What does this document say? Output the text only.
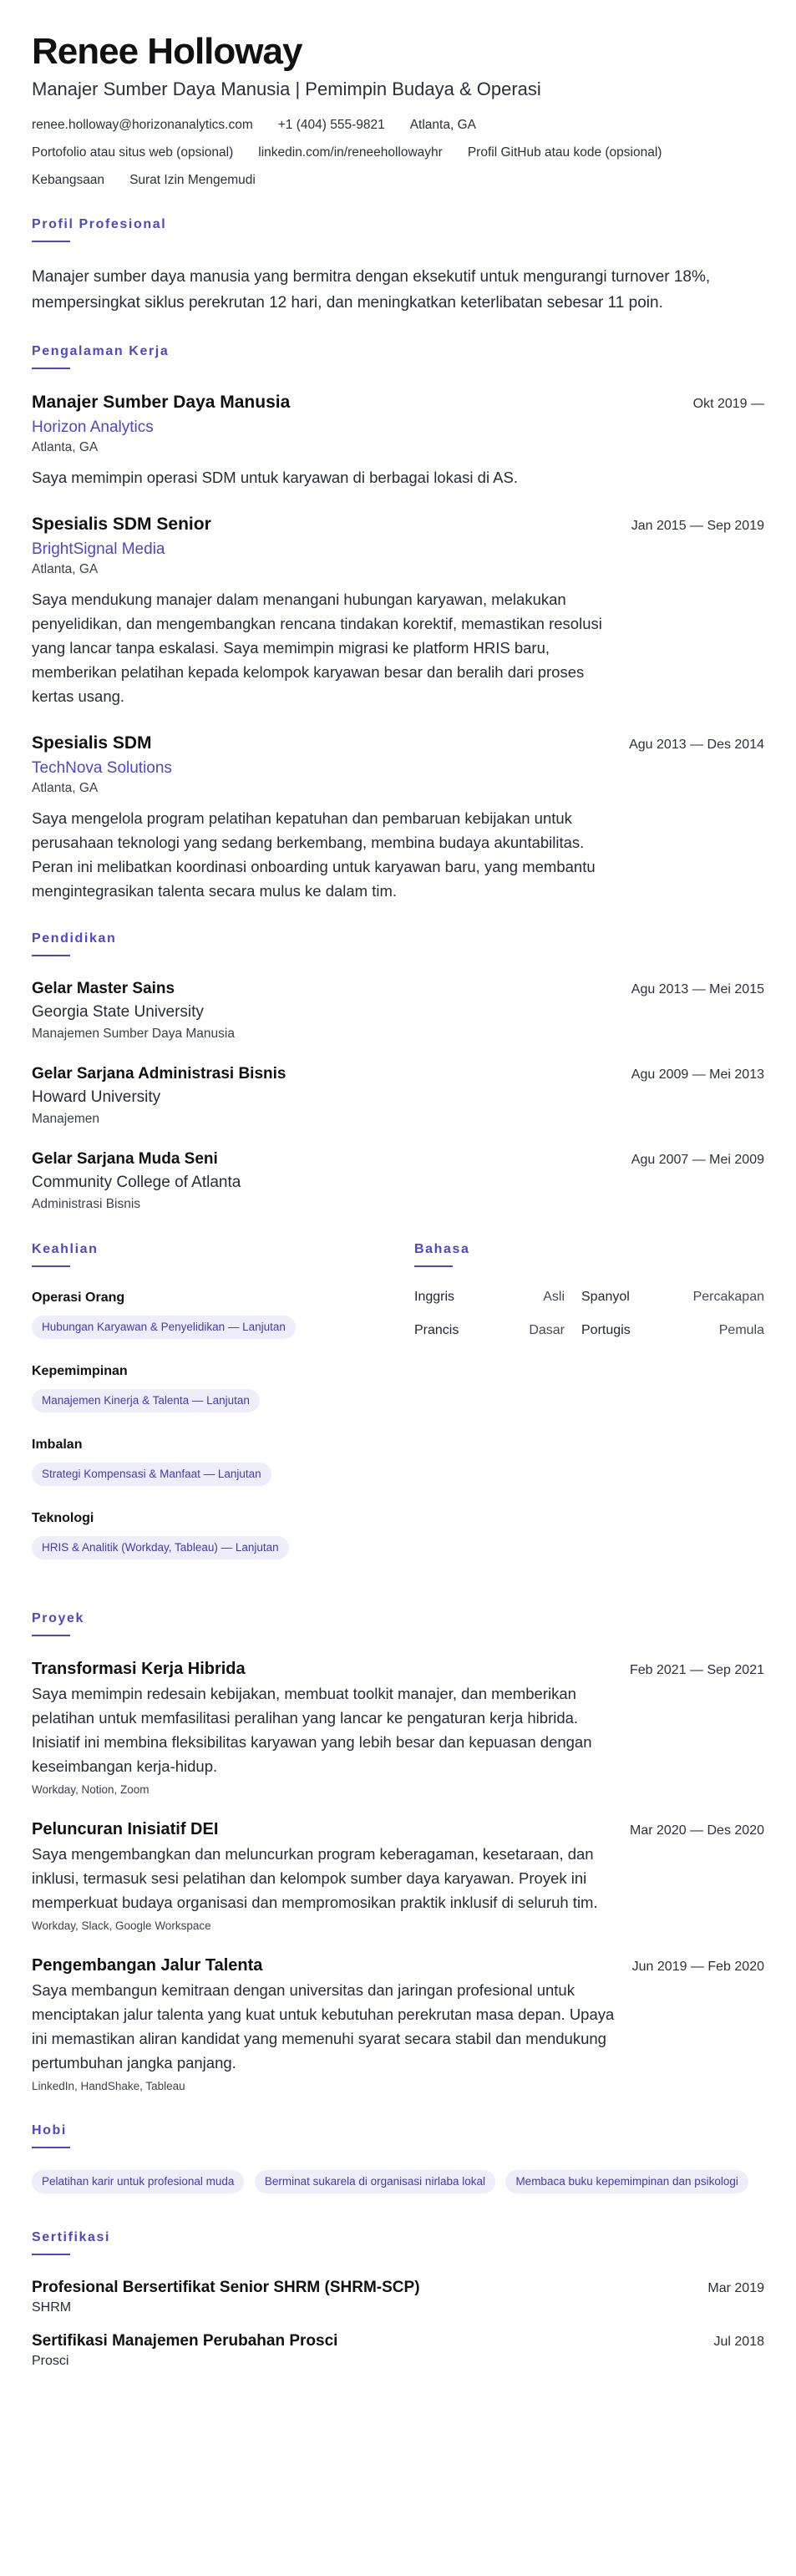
Renee Holloway
Manajer Sumber Daya Manusia | Pemimpin Budaya & Operasi
renee.holloway@horizonanalytics.com +1 (404) 555-9821 Atlanta, GA
Portofolio atau situs web (opsional) linkedin.com/in/reneehollowayhr Profil GitHub atau kode (opsional)
Kebangsaan Surat Izin Mengemudi
Profil Profesional
Manajer sumber daya manusia yang bermitra dengan eksekutif untuk mengurangi turnover 18%, mempersingkat siklus perekrutan 12 hari, dan meningkatkan keterlibatan sebesar 11 poin.
Pengalaman Kerja
Manajer Sumber Daya Manusia	Okt 2019 —
Horizon Analytics
Atlanta, GA
Saya memimpin operasi SDM untuk karyawan di berbagai lokasi di AS.
Spesialis SDM Senior	Jan 2015 — Sep 2019
BrightSignal Media
Atlanta, GA
Saya mendukung manajer dalam menangani hubungan karyawan, melakukan penyelidikan, dan mengembangkan rencana tindakan korektif, memastikan resolusi yang lancar tanpa eskalasi. Saya memimpin migrasi ke platform HRIS baru, memberikan pelatihan kepada kelompok karyawan besar dan beralih dari proses kertas usang.
Spesialis SDM	Agu 2013 — Des 2014
TechNova Solutions
Atlanta, GA
Saya mengelola program pelatihan kepatuhan dan pembaruan kebijakan untuk perusahaan teknologi yang sedang berkembang, membina budaya akuntabilitas. Peran ini melibatkan koordinasi onboarding untuk karyawan baru, yang membantu mengintegrasikan talenta secara mulus ke dalam tim.
Pendidikan
Gelar Master Sains	Agu 2013 — Mei 2015
Georgia State University
Manajemen Sumber Daya Manusia
Gelar Sarjana Administrasi Bisnis	Agu 2009 — Mei 2013
Howard University
Manajemen
Gelar Sarjana Muda Seni	Agu 2007 — Mei 2009
Community College of Atlanta
Administrasi Bisnis
Keahlian
Operasi Orang
Hubungan Karyawan & Penyelidikan — Lanjutan
Kepemimpinan
Manajemen Kinerja & Talenta — Lanjutan
Imbalan
Strategi Kompensasi & Manfaat — Lanjutan
Teknologi
HRIS & Analitik (Workday, Tableau) — Lanjutan
Bahasa
Inggris	Asli Spanyol	Percakapan
Prancis	Dasar Portugis	Pemula
Proyek
Transformasi Kerja Hibrida	Feb 2021 — Sep 2021
Saya memimpin redesain kebijakan, membuat toolkit manajer, dan memberikan pelatihan untuk memfasilitasi peralihan yang lancar ke pengaturan kerja hibrida. Inisiatif ini membina fleksibilitas karyawan yang lebih besar dan kepuasan dengan keseimbangan kerja-hidup.
Workday, Notion, Zoom
Peluncuran Inisiatif DEI	Mar 2020 — Des 2020
Saya mengembangkan dan meluncurkan program keberagaman, kesetaraan, dan inklusi, termasuk sesi pelatihan dan kelompok sumber daya karyawan. Proyek ini memperkuat budaya organisasi dan mempromosikan praktik inklusif di seluruh tim.
Workday, Slack, Google Workspace
Pengembangan Jalur Talenta	Jun 2019 — Feb 2020
Saya membangun kemitraan dengan universitas dan jaringan profesional untuk menciptakan jalur talenta yang kuat untuk kebutuhan perekrutan masa depan. Upaya ini memastikan aliran kandidat yang memenuhi syarat secara stabil dan mendukung pertumbuhan jangka panjang.
LinkedIn, HandShake, Tableau
Hobi
Pelatihan karir untuk profesional muda	Berminat sukarela di organisasi nirlaba lokal	Membaca buku kepemimpinan dan psikologi
Sertifikasi
Profesional Bersertifikat Senior SHRM (SHRM-SCP)	Mar 2019
SHRM
Sertifikasi Manajemen Perubahan Prosci	Jul 2018
Prosci
